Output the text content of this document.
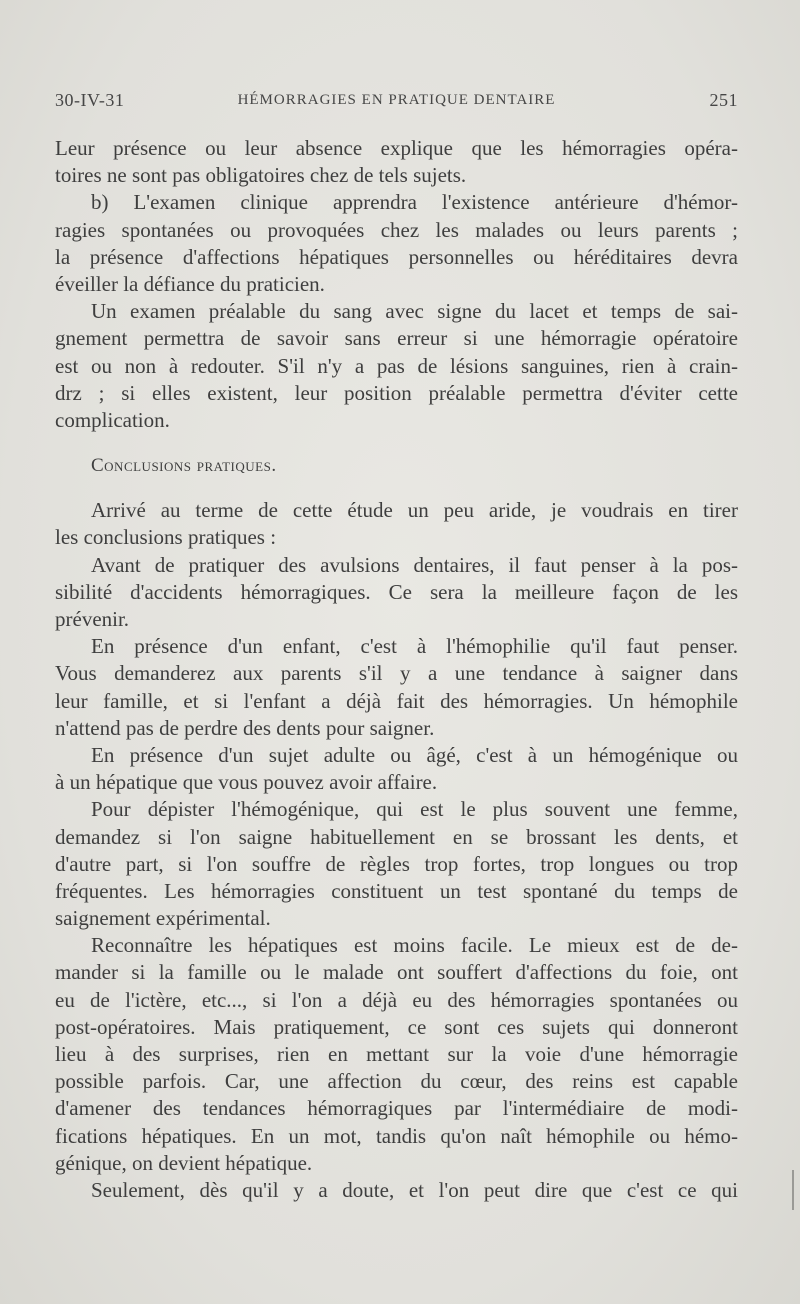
30-IV-31	HÉMORRAGIES EN PRATIQUE DENTAIRE	251
Leur présence ou leur absence explique que les hémorragies opéra-
toires ne sont pas obligatoires chez de tels sujets.
b) L'examen clinique apprendra l'existence antérieure d'hémor-
ragies spontanées ou provoquées chez les malades ou leurs parents ;
la présence d'affections hépatiques personnelles ou héréditaires devra
éveiller la défiance du praticien.
Un examen préalable du sang avec signe du lacet et temps de sai-
gnement permettra de savoir sans erreur si une hémorragie opératoire
est ou non à redouter. S'il n'y a pas de lésions sanguines, rien à crain-
drz ; si elles existent, leur position préalable permettra d'éviter cette
complication.
Conclusions pratiques.
Arrivé au terme de cette étude un peu aride, je voudrais en tirer
les conclusions pratiques :
Avant de pratiquer des avulsions dentaires, il faut penser à la pos-
sibilité d'accidents hémorragiques. Ce sera la meilleure façon de les
prévenir.
En présence d'un enfant, c'est à l'hémophilie qu'il faut penser.
Vous demanderez aux parents s'il y a une tendance à saigner dans
leur famille, et si l'enfant a déjà fait des hémorragies. Un hémophile
n'attend pas de perdre des dents pour saigner.
En présence d'un sujet adulte ou âgé, c'est à un hémogénique ou
à un hépatique que vous pouvez avoir affaire.
Pour dépister l'hémogénique, qui est le plus souvent une femme,
demandez si l'on saigne habituellement en se brossant les dents, et
d'autre part, si l'on souffre de règles trop fortes, trop longues ou trop
fréquentes. Les hémorragies constituent un test spontané du temps de
saignement expérimental.
Reconnaître les hépatiques est moins facile. Le mieux est de de-
mander si la famille ou le malade ont souffert d'affections du foie, ont
eu de l'ictère, etc..., si l'on a déjà eu des hémorragies spontanées ou
post-opératoires. Mais pratiquement, ce sont ces sujets qui donneront
lieu à des surprises, rien en mettant sur la voie d'une hémorragie
possible parfois. Car, une affection du cœur, des reins est capable
d'amener des tendances hémorragiques par l'intermédiaire de modi-
fications hépatiques. En un mot, tandis qu'on naît hémophile ou hémo-
génique, on devient hépatique.
Seulement, dès qu'il y a doute, et l'on peut dire que c'est ce qui
